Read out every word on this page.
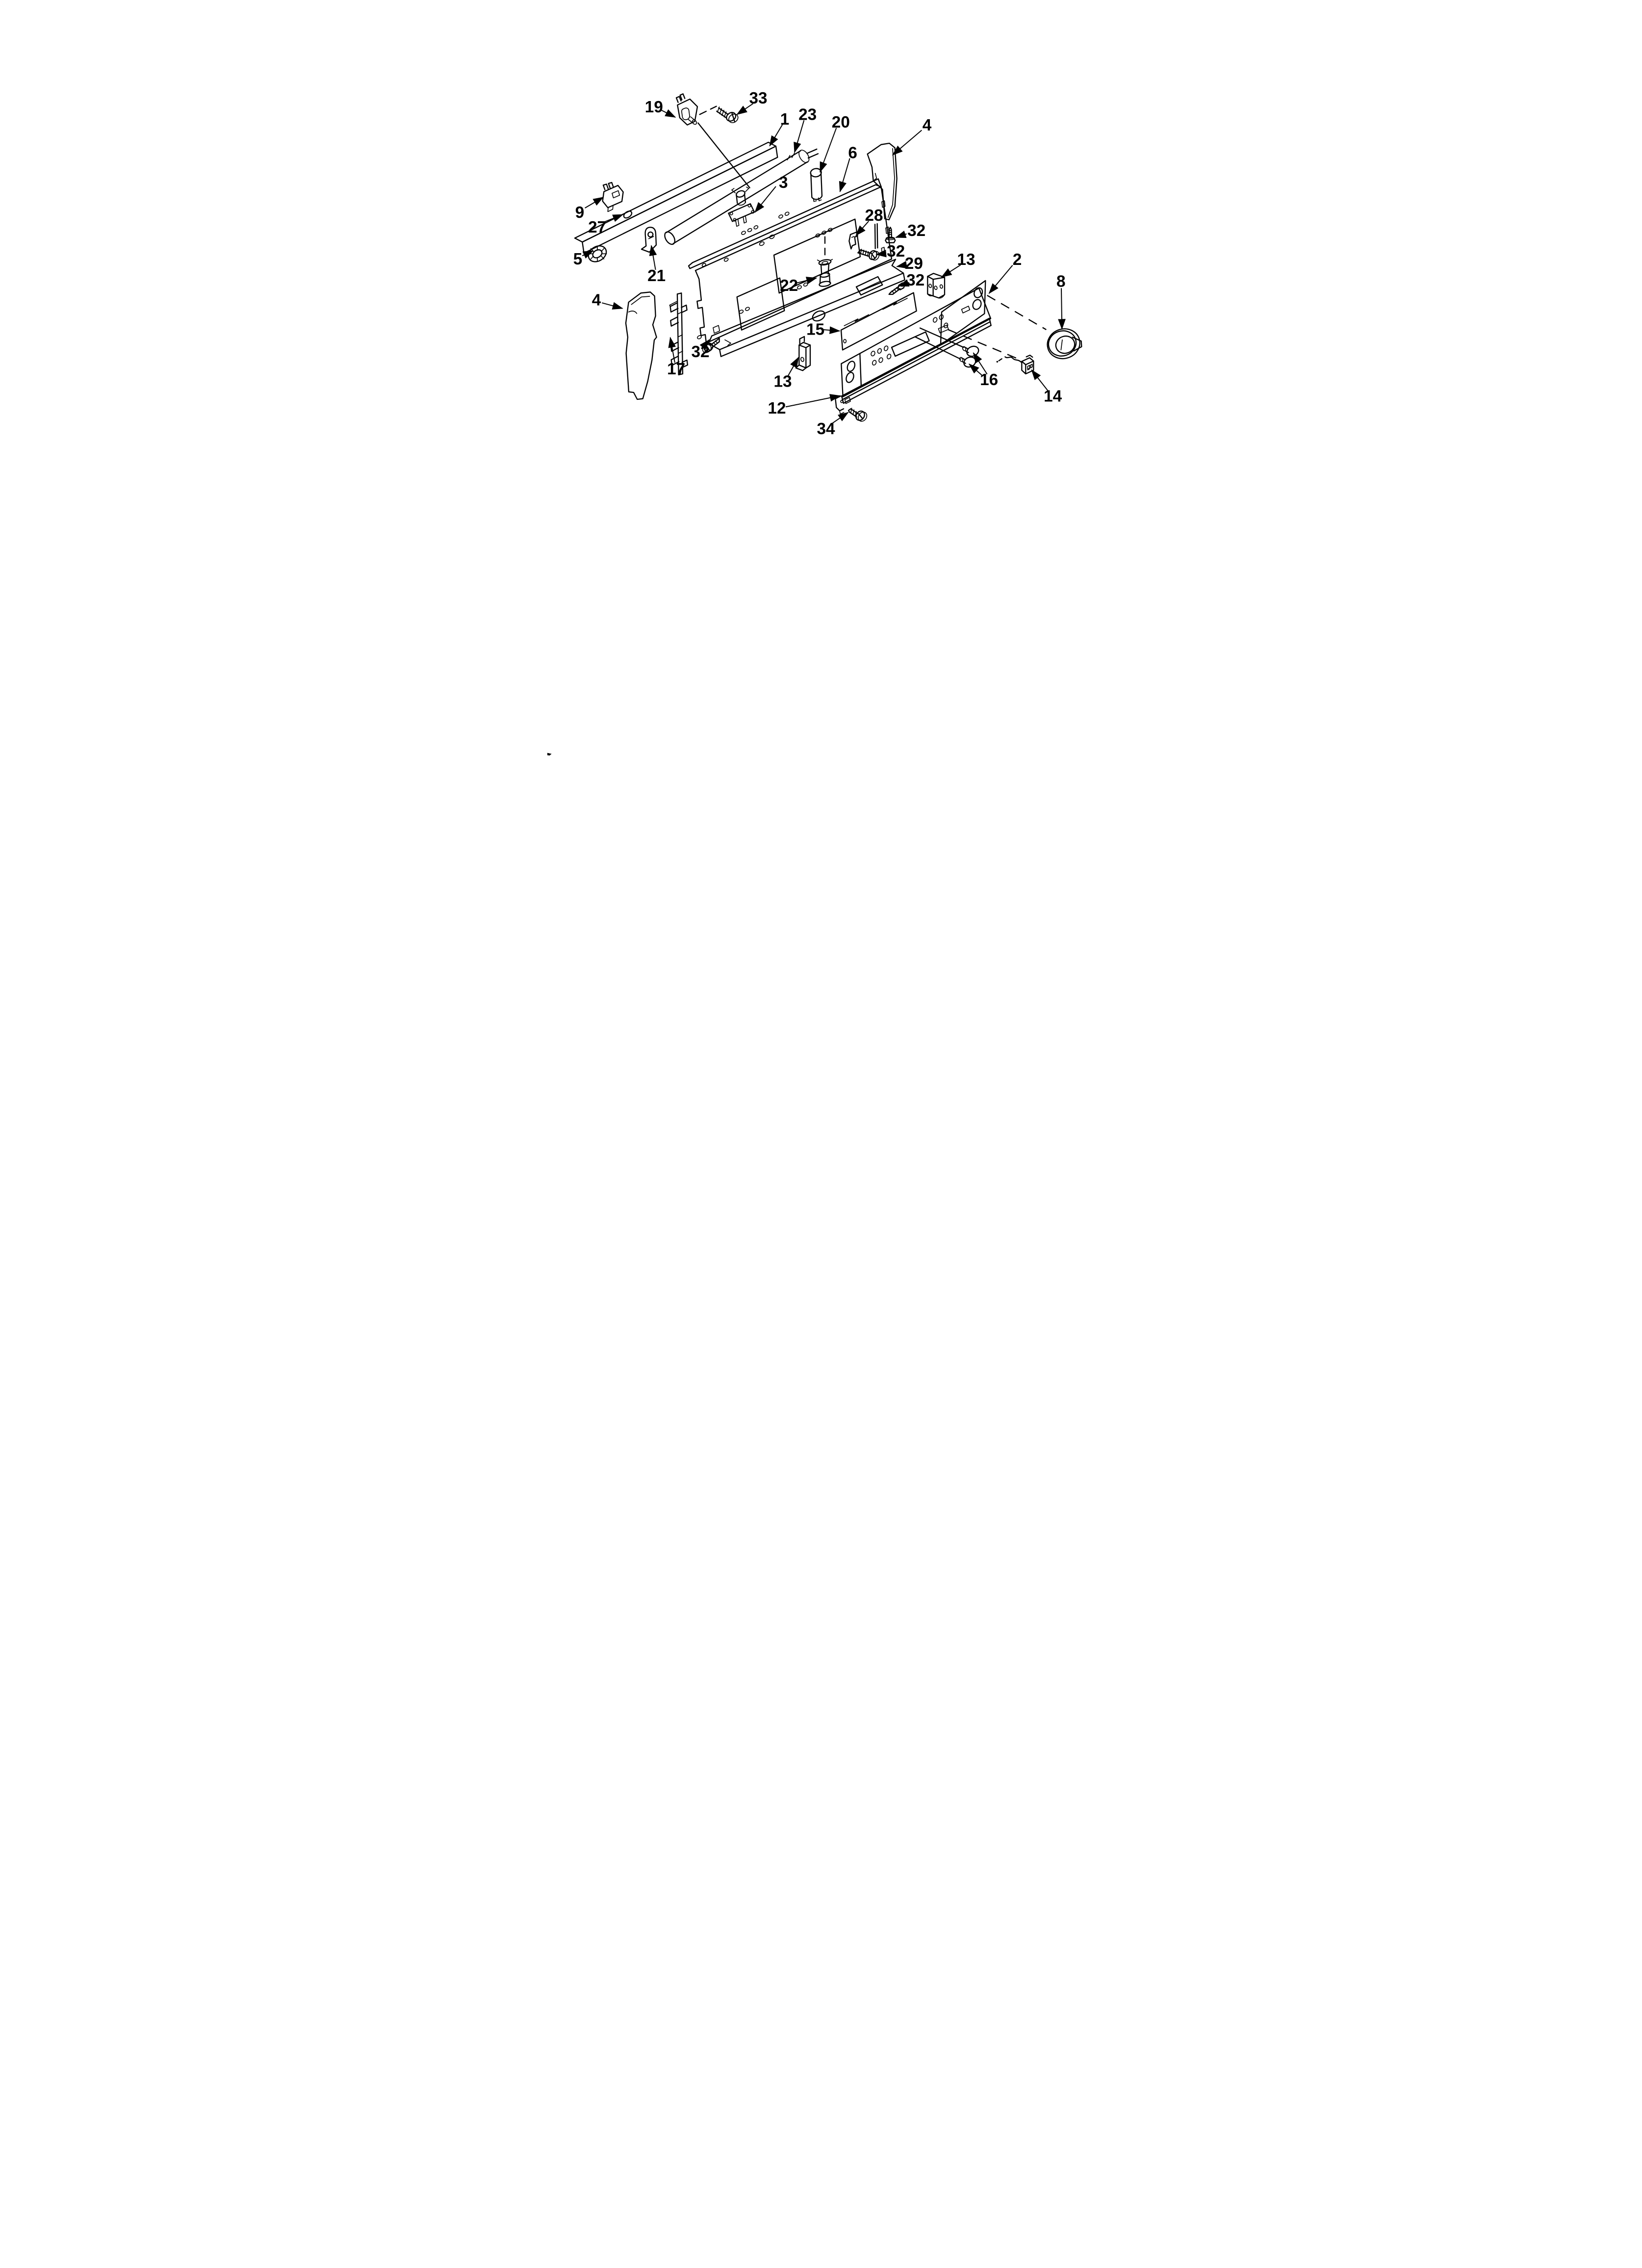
19 33
1 23 20
6
4
9
27
3
5
21
28
32
32
22
29
32
13 2
8
4
17
32
15
13	16
14
12
34
